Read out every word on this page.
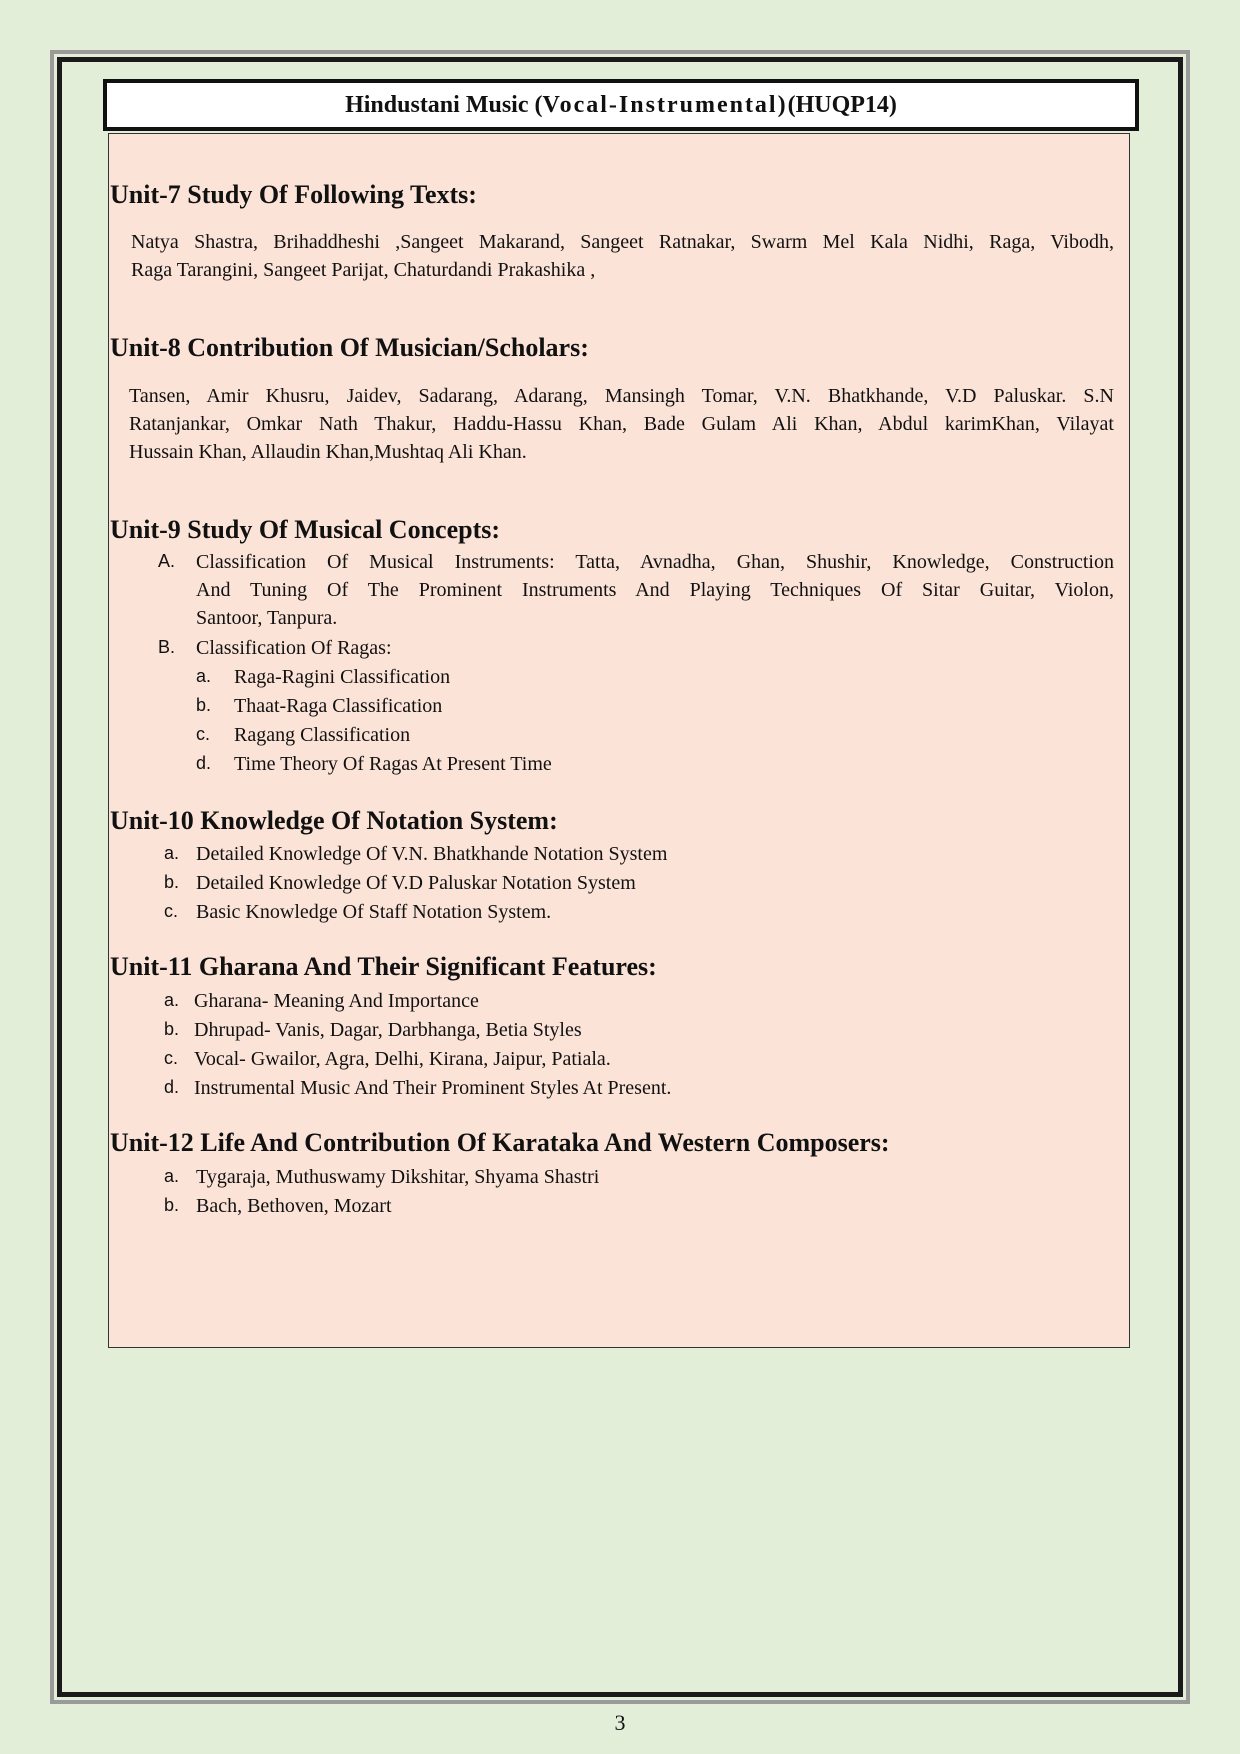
Hindustani Music ( Vocal-Instrumental) (HUQP14)
Unit-7 Study Of Following Texts:
Natya Shastra, Brihaddheshi ,Sangeet Makarand, Sangeet Ratnakar, Swarm Mel Kala Nidhi, Raga, Vibodh,
Raga Tarangini, Sangeet Parijat, Chaturdandi Prakashika ,
Unit-8 Contribution Of Musician/Scholars:
Tansen, Amir Khusru, Jaidev, Sadarang, Adarang, Mansingh Tomar, V.N. Bhatkhande, V.D Paluskar. S.N
Ratanjankar, Omkar Nath Thakur, Haddu-Hassu Khan, Bade Gulam Ali Khan, Abdul karimKhan, Vilayat
Hussain Khan, Allaudin Khan,Mushtaq Ali Khan.
Unit-9 Study Of Musical Concepts:
A. Classification Of Musical Instruments: Tatta, Avnadha, Ghan, Shushir, Knowledge, Construction
And Tuning Of The Prominent Instruments And Playing Techniques Of Sitar Guitar, Violon,
Santoor, Tanpura.
B. Classification Of Ragas:
a. Raga-Ragini Classification
b. Thaat-Raga Classification
c. Ragang Classification
d. Time Theory Of Ragas At Present Time
Unit-10 Knowledge Of Notation System:
a. Detailed Knowledge Of V.N. Bhatkhande Notation System
b. Detailed Knowledge Of V.D Paluskar Notation System
c. Basic Knowledge Of Staff Notation System.
Unit-11 Gharana And Their Significant Features:
a. Gharana- Meaning And Importance
b. Dhrupad- Vanis, Dagar, Darbhanga, Betia Styles
c. Vocal- Gwailor, Agra, Delhi, Kirana, Jaipur, Patiala.
d. Instrumental Music And Their Prominent Styles At Present.
Unit-12 Life And Contribution Of Karataka And Western Composers:
a. Tygaraja, Muthuswamy Dikshitar, Shyama Shastri
b. Bach, Bethoven, Mozart
3
